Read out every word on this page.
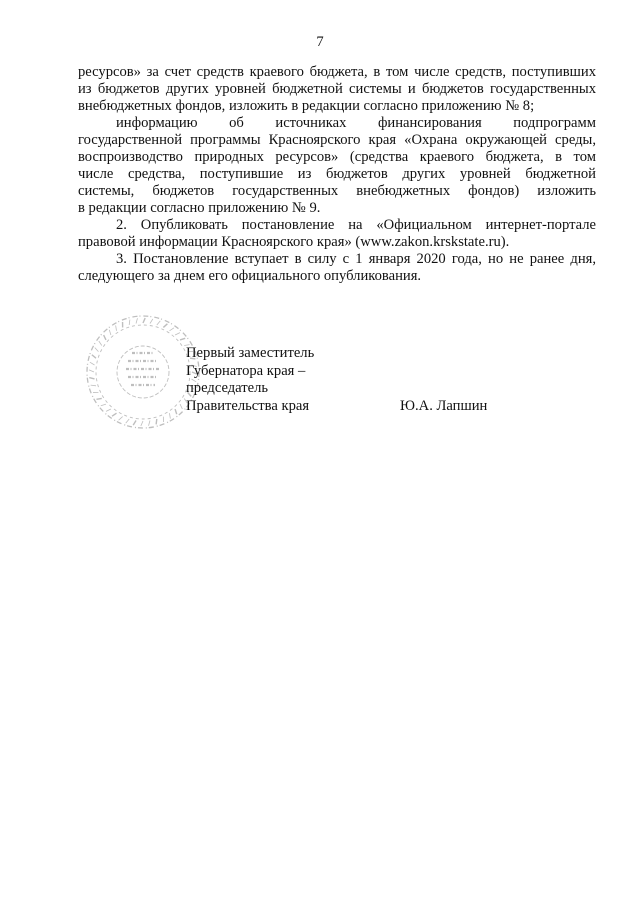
7
ресурсов» за счет средств краевого бюджета, в том числе средств, поступивших
из бюджетов других уровней бюджетной системы и бюджетов государственных
внебюджетных фондов, изложить в редакции согласно приложению № 8;
информацию об источниках финансирования подпрограмм
государственной программы Красноярского края «Охрана окружающей среды,
воспроизводство природных ресурсов» (средства краевого бюджета, в том
числе средства, поступившие из бюджетов других уровней бюджетной
системы, бюджетов государственных внебюджетных фондов) изложить
в редакции согласно приложению № 9.
2. Опубликовать постановление на «Официальном интернет-портале
правовой информации Красноярского края» (www.zakon.krskstate.ru).
3. Постановление вступает в силу с 1 января 2020 года, но не ранее дня,
следующего за днем его официального опубликования.
Первый заместитель
Губернатора края –
председатель
Правительства края	Ю.А. Лапшин
